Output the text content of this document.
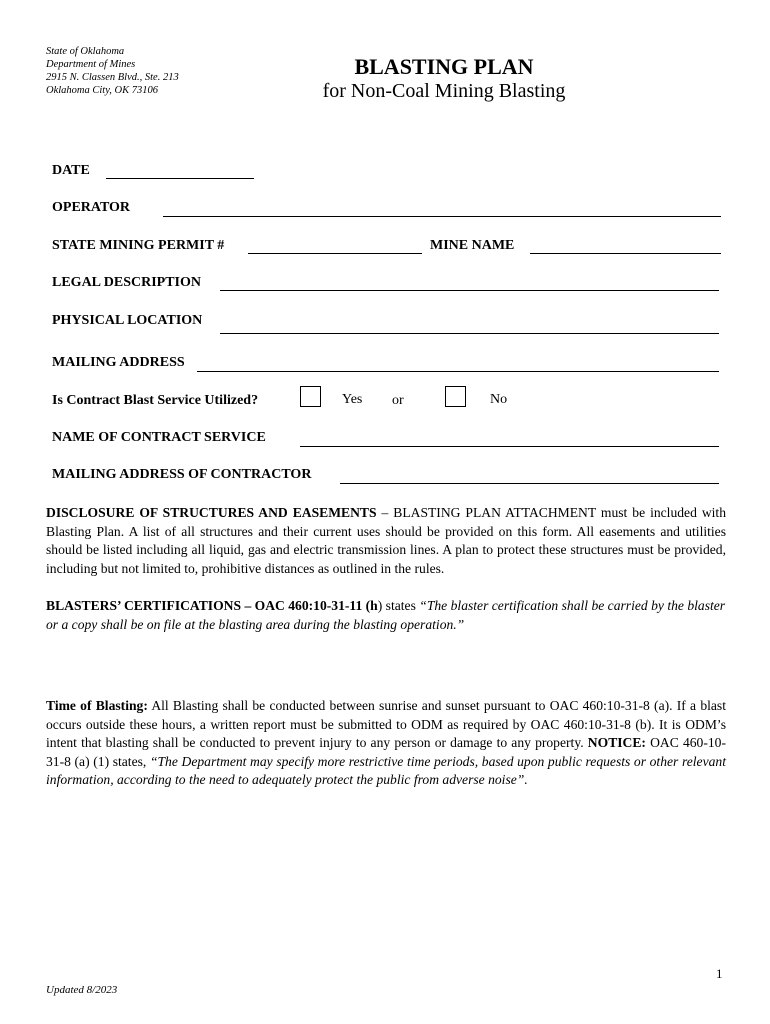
State of Oklahoma
Department of Mines
2915 N. Classen Blvd., Ste. 213
Oklahoma City, OK 73106
BLASTING PLAN
for Non-Coal Mining Blasting
DATE
OPERATOR
STATE MINING PERMIT #	MINE NAME
LEGAL DESCRIPTION
PHYSICAL LOCATION
MAILING ADDRESS
Is Contract Blast Service Utilized?	Yes or	No
NAME OF CONTRACT SERVICE
MAILING ADDRESS OF CONTRACTOR
DISCLOSURE OF STRUCTURES AND EASEMENTS – BLASTING PLAN ATTACHMENT must be included with Blasting Plan. A list of all structures and their current uses should be provided on this form. All easements and utilities should be listed including all liquid, gas and electric transmission lines. A plan to protect these structures must be provided, including but not limited to, prohibitive distances as outlined in the rules.
BLASTERS’ CERTIFICATIONS – OAC 460:10-31-11 (h) states “The blaster certification shall be carried by the blaster or a copy shall be on file at the blasting area during the blasting operation.”
Time of Blasting: All Blasting shall be conducted between sunrise and sunset pursuant to OAC 460:10-31-8 (a). If a blast occurs outside these hours, a written report must be submitted to ODM as required by OAC 460:10-31-8 (b). It is ODM’s intent that blasting shall be conducted to prevent injury to any person or damage to any property. NOTICE: OAC 460-10-31-8 (a) (1) states, “The Department may specify more restrictive time periods, based upon public requests or other relevant information, according to the need to adequately protect the public from adverse noise”.
1
Updated 8/2023
